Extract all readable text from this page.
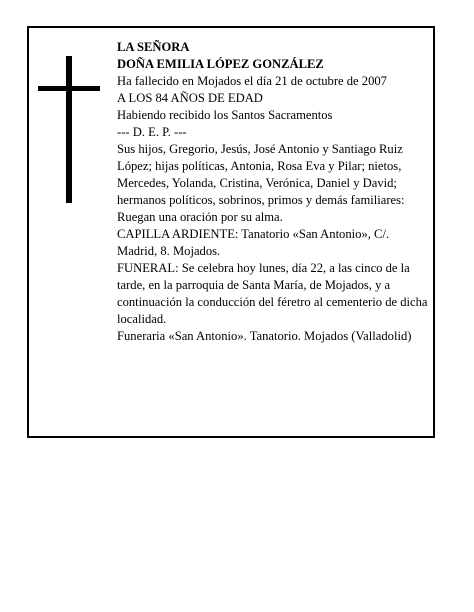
LA SEÑORA
DOÑA EMILIA LÓPEZ GONZÁLEZ
Ha fallecido en Mojados el día 21 de octubre de 2007
A LOS 84 AÑOS DE EDAD
Habiendo recibido los Santos Sacramentos
--- D. E. P. ---
Sus hijos, Gregorio, Jesús, José Antonio y Santiago Ruiz López; hijas políticas, Antonia, Rosa Eva y Pilar; nietos, Mercedes, Yolanda, Cristina, Verónica, Daniel y David; hermanos políticos, sobrinos, primos y demás familiares:
Ruegan una oración por su alma.
CAPILLA ARDIENTE: Tanatorio «San Antonio», C/. Madrid, 8. Mojados.
FUNERAL: Se celebra hoy lunes, día 22, a las cinco de la tarde, en la parroquia de Santa María, de Mojados, y a continuación la conducción del féretro al cementerio de dicha localidad.
Funeraria «San Antonio». Tanatorio. Mojados (Valladolid)
